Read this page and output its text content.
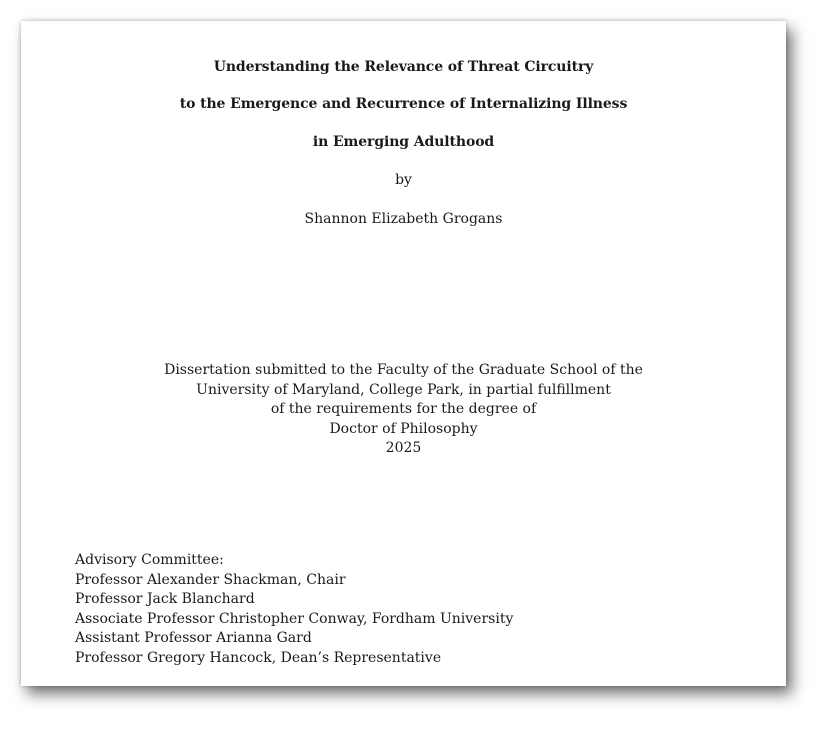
Understanding the Relevance of Threat Circuitry
to the Emergence and Recurrence of Internalizing Illness
in Emerging Adulthood
by
Shannon Elizabeth Grogans
Dissertation submitted to the Faculty of the Graduate School of the
University of Maryland, College Park, in partial fulfillment
of the requirements for the degree of
Doctor of Philosophy
2025
Advisory Committee:
Professor Alexander Shackman, Chair
Professor Jack Blanchard
Associate Professor Christopher Conway, Fordham University
Assistant Professor Arianna Gard
Professor Gregory Hancock, Dean’s Representative
